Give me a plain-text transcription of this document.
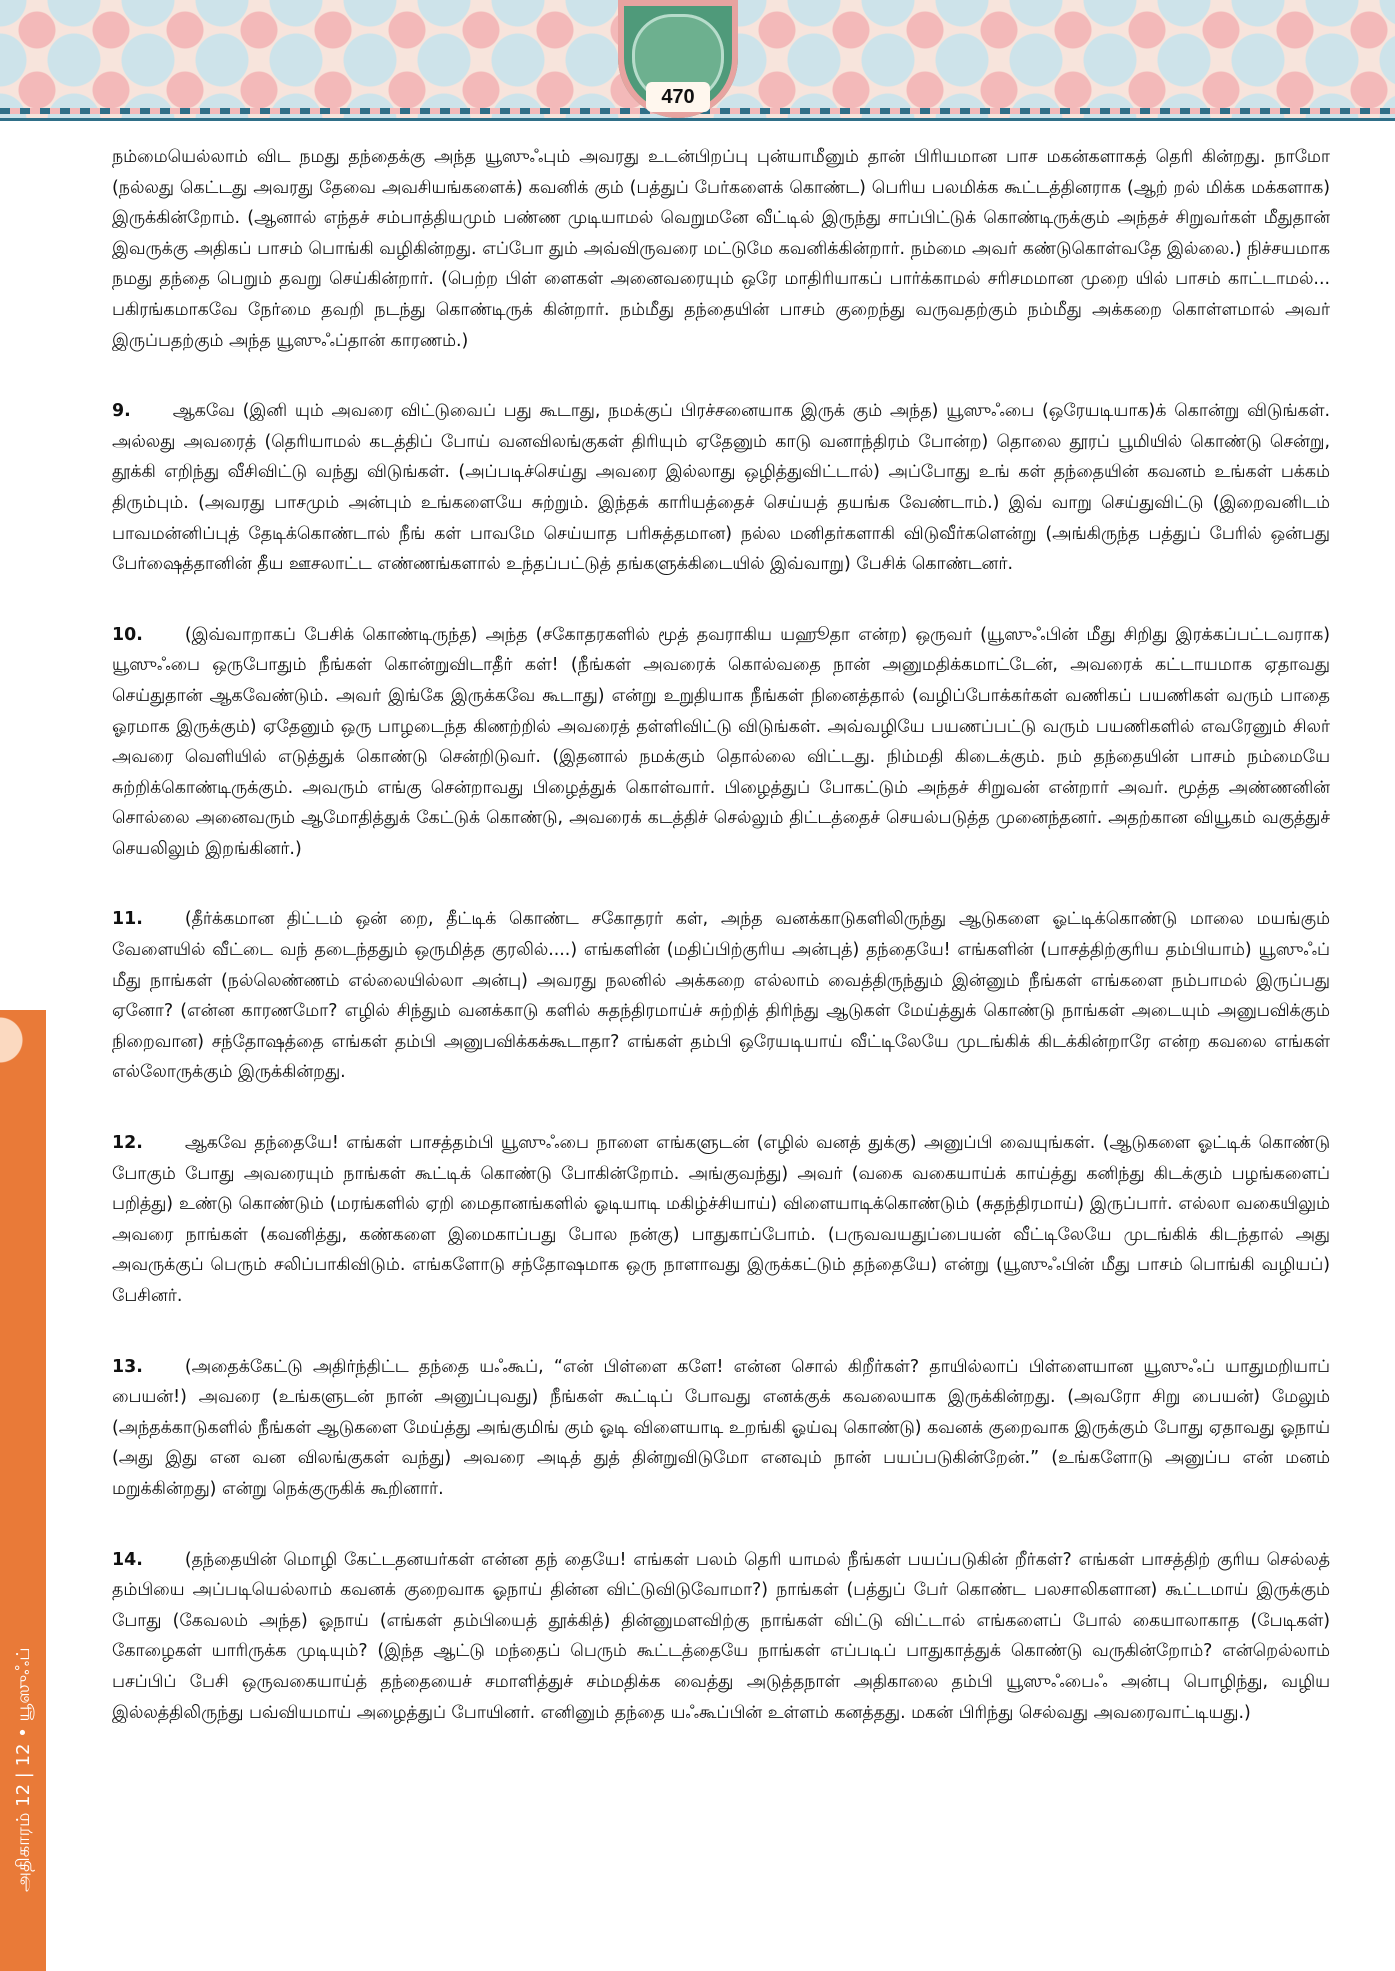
470
அதிகாரம் 12 | 12 • யூஸுஃப்

நம்மையெல்லாம் விட நமது தந்தைக்கு அந்த யூஸுஃபும் அவரது உடன்பிறப்பு புன்யாமீனும் தான் பிரியமான பாச மகன்களாகத் தெரி கின்றது. நாமோ (நல்லது கெட்டது அவரது தேவை அவசியங்களைக்) கவனிக் கும் (பத்துப் பேர்களைக் கொண்ட) பெரிய பலமிக்க கூட்டத்தினராக (ஆற் றல் மிக்க மக்களாக) இருக்கின்றோம். (ஆனால் எந்தச் சம்பாத்தியமும் பண்ண முடியாமல் வெறுமனே வீட்டில் இருந்து சாப்பிட்டுக் கொண்டிருக்கும் அந்தச் சிறுவர்கள் மீதுதான் இவருக்கு அதிகப் பாசம் பொங்கி வழிகின்றது. எப்போ தும் அவ்விருவரை மட்டுமே கவனிக்கின்றார். நம்மை அவர் கண்டுகொள்வதே இல்லை.) நிச்சயமாக நமது தந்தை பெறும் தவறு செய்கின்றார். (பெற்ற பிள் ளைகள் அனைவரையும் ஒரே மாதிரியாகப் பார்க்காமல் சரிசமமான முறை யில் பாசம் காட்டாமல்... பகிரங்கமாகவே நேர்மை தவறி நடந்து கொண்டிருக் கின்றார். நம்மீது தந்தையின் பாசம் குறைந்து வருவதற்கும் நம்மீது அக்கறை கொள்ளமால் அவர் இருப்பதற்கும் அந்த யூஸுஃப்தான் காரணம்.)

9. ஆகவே (இனி யும் அவரை விட்டுவைப் பது கூடாது, நமக்குப் பிரச்சனையாக இருக் கும் அந்த) யூஸுஃபை (ஒரேயடியாக)க் கொன்று விடுங்கள். அல்லது அவரைத் (தெரியாமல் கடத்திப் போய் வனவிலங்குகள் திரியும் ஏதேனும் காடு வனாந்திரம் போன்ற) தொலை தூரப் பூமியில் கொண்டு சென்று, தூக்கி எறிந்து வீசிவிட்டு வந்து விடுங்கள். (அப்படிச்செய்து அவரை இல்லாது ஒழித்துவிட்டால்) அப்போது உங் கள் தந்தையின் கவனம் உங்கள் பக்கம் திரும்பும். (அவரது பாசமும் அன்பும் உங்களையே சுற்றும். இந்தக் காரியத்தைச் செய்யத் தயங்க வேண்டாம்.) இவ் வாறு செய்துவிட்டு (இறைவனிடம் பாவமன்னிப்புத் தேடிக்கொண்டால் நீங் கள் பாவமே செய்யாத பரிசுத்தமான) நல்ல மனிதர்களாகி விடுவீர்களென்று (அங்கிருந்த பத்துப் பேரில் ஒன்பது பேர்ஷைத்தானின் தீய ஊசலாட்ட எண்ணங்களால் உந்தப்பட்டுத் தங்களுக்கிடையில் இவ்வாறு) பேசிக் கொண்டனர்.

10. (இவ்வாறாகப் பேசிக் கொண்டிருந்த) அந்த (சகோதரகளில் மூத் தவராகிய யஹூதா என்ற) ஒருவர் (யூஸுஃபின் மீது சிறிது இரக்கப்பட்டவராக) யூஸுஃபை ஒருபோதும் நீங்கள் கொன்றுவிடாதீர் கள்! (நீங்கள் அவரைக் கொல்வதை நான் அனுமதிக்கமாட்டேன், அவரைக் கட்டாயமாக ஏதாவது செய்துதான் ஆகவேண்டும். அவர் இங்கே இருக்கவே கூடாது) என்று உறுதியாக நீங்கள் நினைத்தால் (வழிப்போக்கர்கள் வணிகப் பயணிகள் வரும் பாதை ஓரமாக இருக்கும்) ஏதேனும் ஒரு பாழடைந்த கிணற்றில் அவரைத் தள்ளிவிட்டு விடுங்கள். அவ்வழியே பயணப்பட்டு வரும் பயணிகளில் எவரேனும் சிலர் அவரை வெளியில் எடுத்துக் கொண்டு சென்றிடுவர். (இதனால் நமக்கும் தொல்லை விட்டது. நிம்மதி கிடைக்கும். நம் தந்தையின் பாசம் நம்மையே சுற்றிக்கொண்டிருக்கும். அவரும் எங்கு சென்றாவது பிழைத்துக் கொள்வார். பிழைத்துப் போகட்டும் அந்தச் சிறுவன் என்றார் அவர். மூத்த அண்ணனின் சொல்லை அனைவரும் ஆமோதித்துக் கேட்டுக் கொண்டு, அவரைக் கடத்திச் செல்லும் திட்டத்தைச் செயல்படுத்த முனைந்தனர். அதற்கான வியூகம் வகுத்துச் செயலிலும் இறங்கினர்.)

11. (தீர்க்கமான திட்டம் ஒன் றை, தீட்டிக் கொண்ட சகோதரர் கள், அந்த வனக்காடுகளிலிருந்து ஆடுகளை ஓட்டிக்கொண்டு மாலை மயங்கும் வேளையில் வீட்டை வந் தடைந்ததும் ஒருமித்த குரலில்....) எங்களின் (மதிப்பிற்குரிய அன்புத்) தந்தையே! எங்களின் (பாசத்திற்குரிய தம்பியாம்) யூஸுஃப் மீது நாங்கள் (நல்லெண்ணம் எல்லையில்லா அன்பு) அவரது நலனில் அக்கறை எல்லாம் வைத்திருந்தும் இன்னும் நீங்கள் எங்களை நம்பாமல் இருப்பது ஏனோ? (என்ன காரணமோ? எழில் சிந்தும் வனக்காடு களில் சுதந்திரமாய்ச் சுற்றித் திரிந்து ஆடுகள் மேய்த்துக் கொண்டு நாங்கள் அடையும் அனுபவிக்கும் நிறைவான) சந்தோஷத்தை எங்கள் தம்பி அனுபவிக்கக்கூடாதா? எங்கள் தம்பி ஒரேயடியாய் வீட்டிலேயே முடங்கிக் கிடக்கின்றாரே என்ற கவலை எங்கள் எல்லோருக்கும் இருக்கின்றது.

12. ஆகவே தந்தையே! எங்கள் பாசத்தம்பி யூஸுஃபை நாளை எங்களுடன் (எழில் வனத் துக்கு) அனுப்பி வையுங்கள். (ஆடுகளை ஓட்டிக் கொண்டு போகும் போது அவரையும் நாங்கள் கூட்டிக் கொண்டு போகின்றோம். அங்குவந்து) அவர் (வகை வகையாய்க் காய்த்து கனிந்து கிடக்கும் பழங்களைப் பறித்து) உண்டு கொண்டும் (மரங்களில் ஏறி மைதானங்களில் ஓடியாடி மகிழ்ச்சியாய்) விளையாடிக்கொண்டும் (சுதந்திரமாய்) இருப்பார். எல்லா வகையிலும் அவரை நாங்கள் (கவனித்து, கண்களை இமைகாப்பது போல நன்கு) பாதுகாப்போம். (பருவவயதுப்பையன் வீட்டிலேயே முடங்கிக் கிடந்தால் அது அவருக்குப் பெரும் சலிப்பாகிவிடும். எங்களோடு சந்தோஷமாக ஒரு நாளாவது இருக்கட்டும் தந்தையே) என்று (யூஸுஃபின் மீது பாசம் பொங்கி வழியப்) பேசினர்.

13. (அதைக்கேட்டு அதிர்ந்திட்ட தந்தை யஃகூப், “என் பிள்ளை களே! என்ன சொல் கிறீர்கள்? தாயில்லாப் பிள்ளையான யூஸுஃப் யாதுமறியாப் பையன்!) அவரை (உங்களுடன் நான் அனுப்புவது) நீங்கள் கூட்டிப் போவது எனக்குக் கவலையாக இருக்கின்றது. (அவரோ சிறு பையன்) மேலும் (அந்தக்காடுகளில் நீங்கள் ஆடுகளை மேய்த்து அங்குமிங் கும் ஓடி விளையாடி உறங்கி ஓய்வு கொண்டு) கவனக் குறைவாக இருக்கும் போது ஏதாவது ஓநாய் (அது இது என வன விலங்குகள் வந்து) அவரை அடித் துத் தின்றுவிடுமோ எனவும் நான் பயப்படுகின்றேன்.” (உங்களோடு அனுப்ப என் மனம் மறுக்கின்றது) என்று நெக்குருகிக் கூறினார்.

14. (தந்தையின் மொழி கேட்டதனயர்கள் என்ன தந் தையே! எங்கள் பலம் தெரி யாமல் நீங்கள் பயப்படுகின் றீர்கள்? எங்கள் பாசத்திற் குரிய செல்லத் தம்பியை அப்படியெல்லாம் கவனக் குறைவாக ஓநாய் தின்ன விட்டுவிடுவோமா?) நாங்கள் (பத்துப் பேர் கொண்ட பலசாலிகளான) கூட்டமாய் இருக்கும் போது (கேவலம் அந்த) ஓநாய் (எங்கள் தம்பியைத் தூக்கித்) தின்னுமளவிற்கு நாங்கள் விட்டு விட்டால் எங்களைப் போல் கையாலாகாத (பேடிகள்) கோழைகள் யாரிருக்க முடியும்? (இந்த ஆட்டு மந்தைப் பெரும் கூட்டத்தையே நாங்கள் எப்படிப் பாதுகாத்துக் கொண்டு வருகின்றோம்? என்றெல்லாம் பசப்பிப் பேசி ஒருவகையாய்த் தந்தையைச் சமாளித்துச் சம்மதிக்க வைத்து அடுத்தநாள் அதிகாலை தம்பி யூஸுஃபைஃ அன்பு பொழிந்து, வழிய இல்லத்திலிருந்து பவ்வியமாய் அழைத்துப் போயினர். எனினும் தந்தை யஃகூப்பின் உள்ளம் கனத்தது. மகன் பிரிந்து செல்வது அவரைவாட்டியது.)
